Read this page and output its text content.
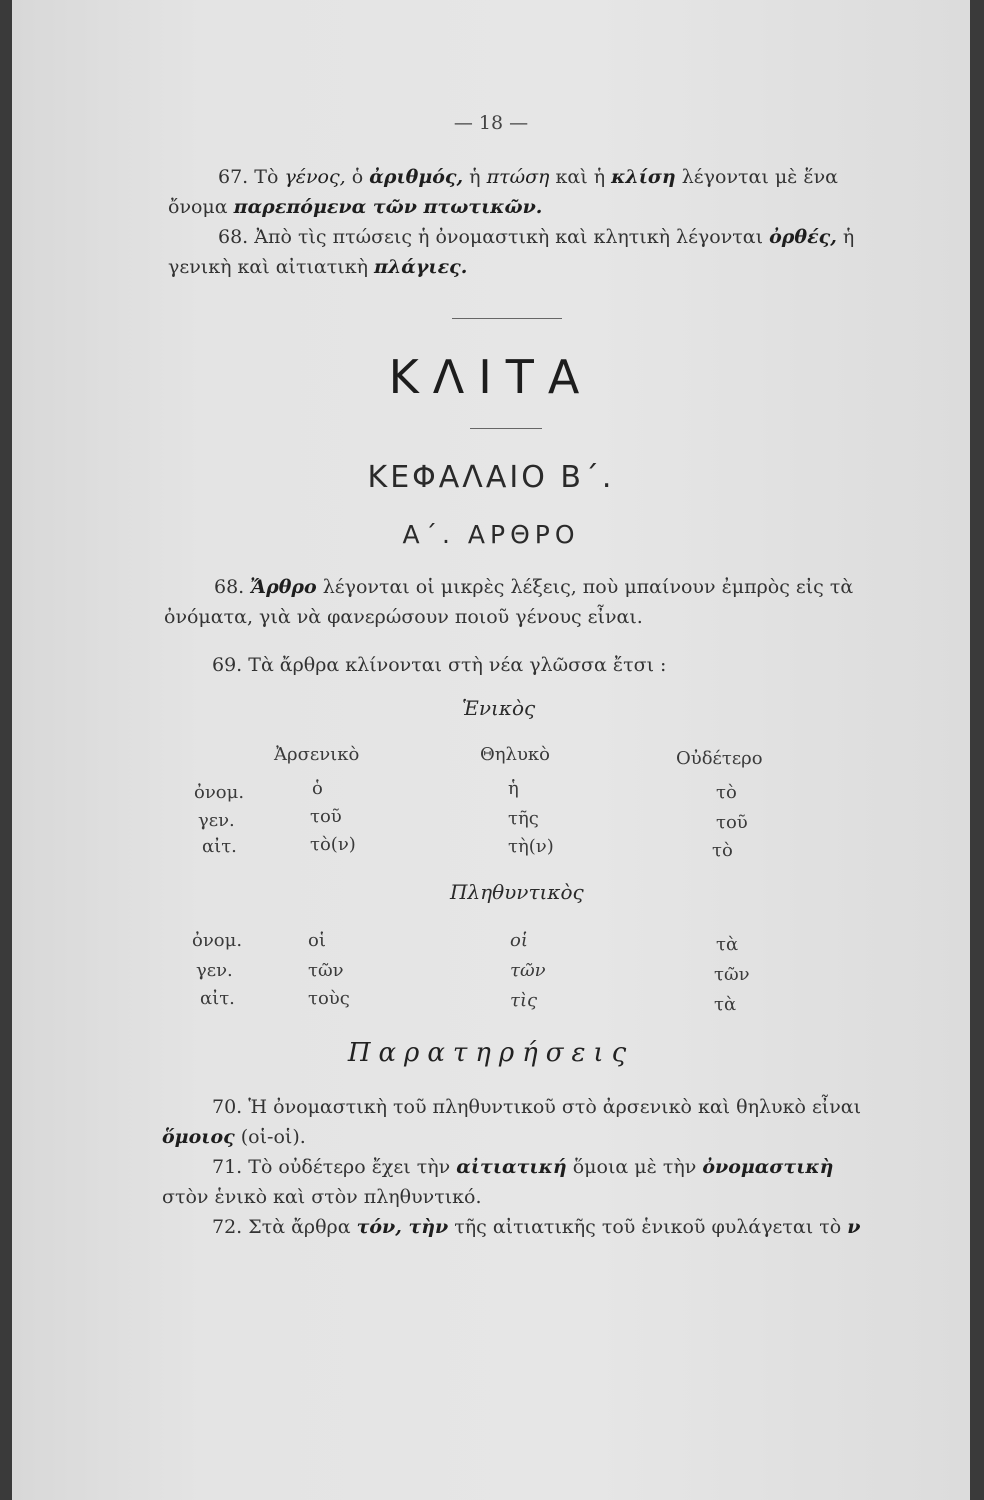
— 18 —
67. Τὸ γένος, ὁ ἀριθμός, ἡ πτώση καὶ ἡ κλίση λέγονται μὲ ἕνα ὄνομα παρεπόμενα τῶν πτωτικῶν.
68. Ἀπὸ τὶς πτώσεις ἡ ὀνομαστικὴ καὶ κλητικὴ λέγονται ὀρθές, ἡ γενικὴ καὶ αἰτιατικὴ πλάγιες.
ΚΛΙΤΑ
ΚΕΦΑΛΑΙΟ Β΄.
Α΄. ΑΡΘΡΟ
68. Ἄρθρο λέγονται οἱ μικρὲς λέξεις, ποὺ μπαίνουν ἐμπρὸς εἰς τὰ ὀνόματα, γιὰ νὰ φανερώσουν ποιοῦ γένους εἶναι.
69. Τὰ ἄρθρα κλίνονται στὴ νέα γλῶσσα ἔτσι :
Ἑνικὸς
Ἀρσενικὸ	Θηλυκὸ	Οὐδέτερο
ὀνομ.	ὁ	ἡ	τὸ
γεν.	τοῦ	τῆς	τοῦ
αἰτ.	τὸ(ν)	τὴ(ν)	τὸ
Πληθυντικὸς
ὀνομ.	οἱ	οἱ	τὰ
γεν.	τῶν	τῶν	τῶν
αἰτ.	τοὺς	τὶς	τὰ
Παρατηρήσεις
70. Ἡ ὀνομαστικὴ τοῦ πληθυντικοῦ στὸ ἀρσενικὸ καὶ θηλυκὸ εἶναι ὅμοιος (οἱ-οἱ).
71. Τὸ οὐδέτερο ἔχει τὴν αἰτιατική ὅμοια μὲ τὴν ὀνομαστικὴ στὸν ἑνικὸ καὶ στὸν πληθυντικό.
72. Στὰ ἄρθρα τόν, τὴν τῆς αἰτιατικῆς τοῦ ἑνικοῦ φυλάγεται τὸ ν
